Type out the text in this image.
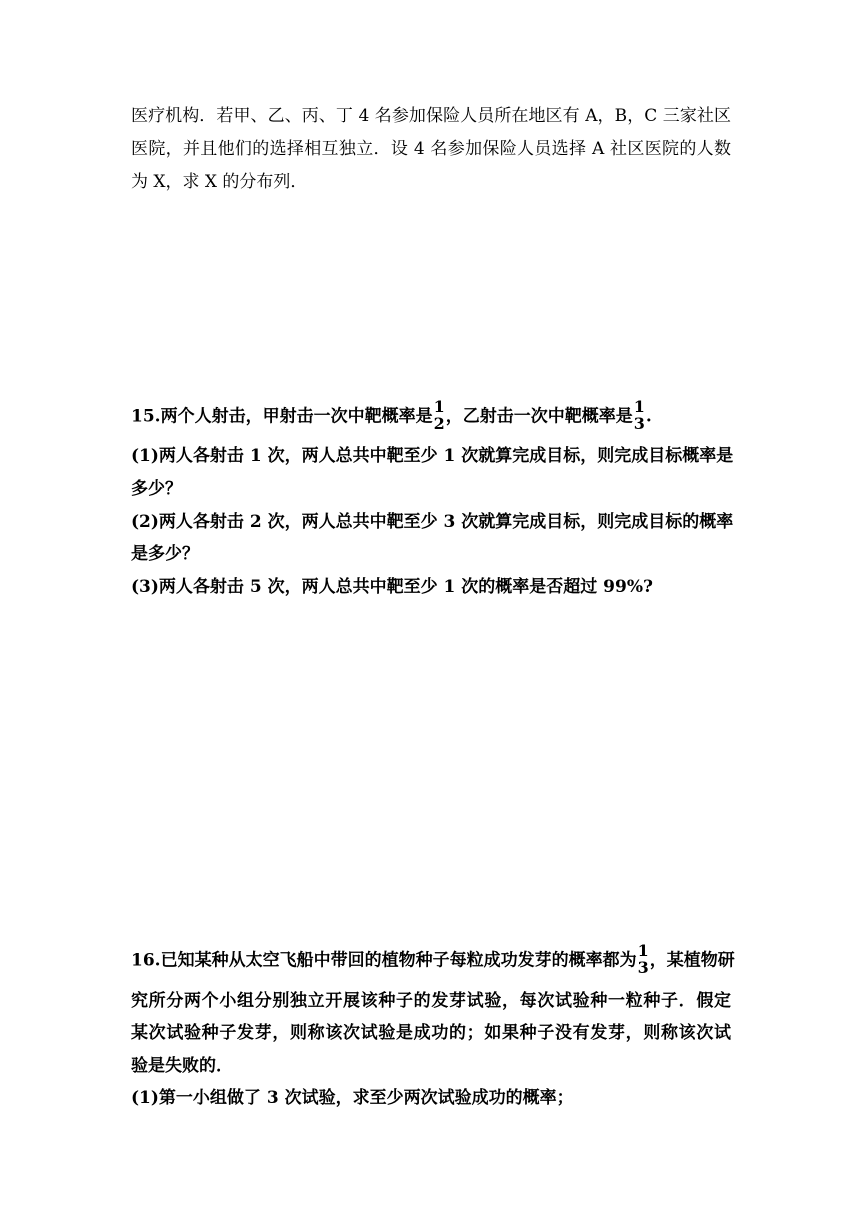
医疗机构．若甲、乙、丙、丁 4 名参加保险人员所在地区有 A，B，C 三家社区
医院，并且他们的选择相互独立．设 4 名参加保险人员选择 A 社区医院的人数
为 X，求 X 的分布列．
15.两个人射击，甲射击一次中靶概率是 1
2 ，乙射击一次中靶概率是 1
3 .
(1)两人各射击 1 次，两人总共中靶至少 1 次就算完成目标，则完成目标概率是
多少？
(2)两人各射击 2 次，两人总共中靶至少 3 次就算完成目标，则完成目标的概率
是多少？
(3)两人各射击 5 次，两人总共中靶至少 1 次的概率是否超过 99%?
16.已知某种从太空飞船中带回的植物种子每粒成功发芽的概率都为 1
3 ，某植物研
究所分两个小组分别独立开展该种子的发芽试验，每次试验种一粒种子．假定
某次试验种子发芽，则称该次试验是成功的；如果种子没有发芽，则称该次试
验是失败的．
(1)第一小组做了 3 次试验，求至少两次试验成功的概率；
